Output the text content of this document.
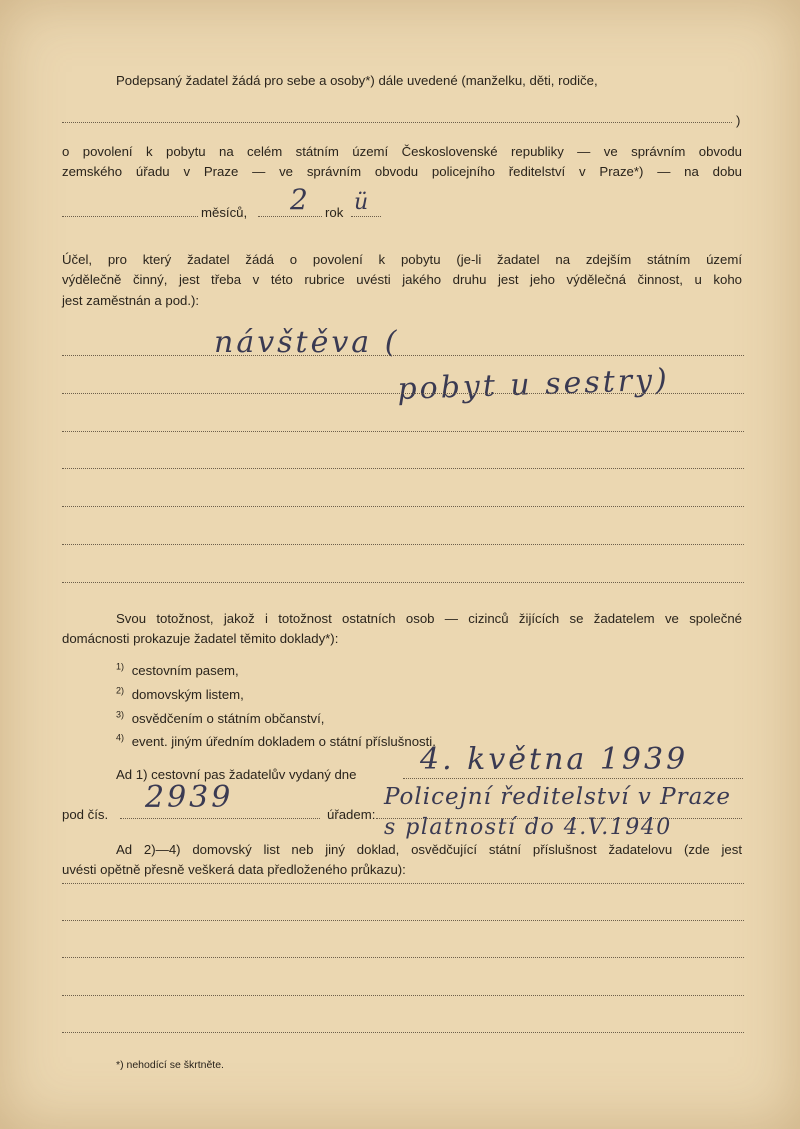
Podepsaný žadatel žádá pro sebe a osoby*) dále uvedené (manželku, děti, rodiče,

)

o povolení k pobytu na celém státním území Československé republiky — ve správním obvodu

zemského úřadu v Praze — ve správním obvodu policejního ředitelství v Praze*) — na dobu

měsíců, 2 rok ü

Účel, pro který žadatel žádá o povolení k pobytu (je-li žadatel na zdejším státním území

výdělečně činný, jest třeba v této rubrice uvésti jakého druhu jest jeho výdělečná činnost, u koho

jest zaměstnán a pod.):

návštěva (
pobyt u sestry)

Svou totožnost, jakož i totožnost ostatních osob — cizinců žijících se žadatelem ve společné

domácnosti prokazuje žadatel těmito doklady*):

$^{1)}$ cestovním pasem,
$^{2)}$ domovským listem,
$^{3)}$ osvědčením o státním občanství,
$^{4)}$ event. jiným úředním dokladem o státní příslušnosti.

Ad 1) cestovní pas žadatelův vydaný dne 4. května 1939

pod čís. 2939	úřadem:

Policejní ředitelství v Praze
s platností do 4.V.1940

Ad 2)—4) domovský list neb jiný doklad, osvědčující státní příslušnost žadatelovu (zde jest

uvésti opětně přesně veškerá data předloženého průkazu):

*) nehodící se škrtněte.
